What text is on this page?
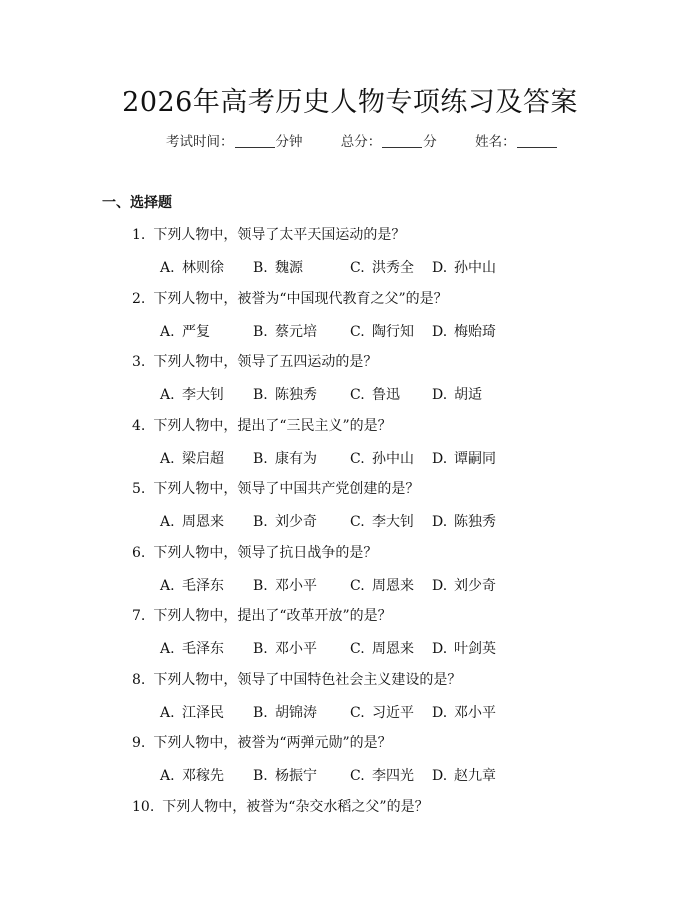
2026年高考历史人物专项练习及答案
考试时间：	分钟	总分：	分	姓名：
一、选择题
1. 下列人物中，领导了太平天国运动的是？
A. 林则徐 B. 魏源	C. 洪秀全 D. 孙中山
2. 下列人物中，被誉为“中国现代教育之父”的是？
A. 严复	B. 蔡元培 C. 陶行知 D. 梅贻琦
3. 下列人物中，领导了五四运动的是？
A. 李大钊 B. 陈独秀 C. 鲁迅 D. 胡适
4. 下列人物中，提出了“三民主义”的是？
A. 梁启超 B. 康有为 C. 孙中山 D. 谭嗣同
5. 下列人物中，领导了中国共产党创建的是？
A. 周恩来 B. 刘少奇 C. 李大钊 D. 陈独秀
6. 下列人物中，领导了抗日战争的是？
A. 毛泽东 B. 邓小平 C. 周恩来 D. 刘少奇
7. 下列人物中，提出了“改革开放”的是？
A. 毛泽东 B. 邓小平 C. 周恩来 D. 叶剑英
8. 下列人物中，领导了中国特色社会主义建设的是？
A. 江泽民 B. 胡锦涛 C. 习近平 D. 邓小平
9. 下列人物中，被誉为“两弹元勋”的是？
A. 邓稼先 B. 杨振宁 C. 李四光 D. 赵九章
10. 下列人物中，被誉为“杂交水稻之父”的是？
